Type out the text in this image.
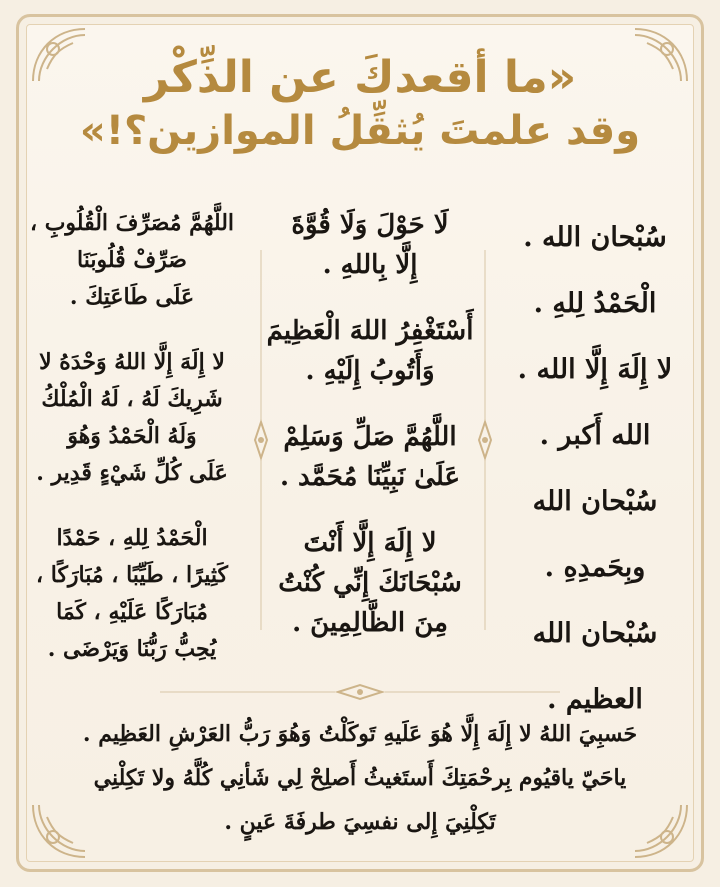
«ما أقعدكَ عن الذِّكْر
وقد علمتَ يُثقِّلُ الموازين؟!»
سُبْحان الله .
الْحَمْدُ لِلهِ .
لا إِلَهَ إِلَّا الله .
الله أَكبر .
سُبْحان الله
وبِحَمدِهِ .
سُبْحان الله
العظيم .
لَا حَوْلَ وَلَا قُوَّةَ
إِلَّا بِاللهِ .
أَسْتَغْفِرُ اللهَ الْعَظِيمَ
وَأَتُوبُ إِلَيْهِ .
اللَّهُمَّ صَلِّ وَسَلِمْ
عَلَىٰ نَبِيِّنَا مُحَمَّد .
لا إِلَهَ إِلَّا أَنْتَ
سُبْحَانَكَ إِنِّي كُنْتُ
مِنَ الظَّالِمِينَ .
اللَّهُمَّ مُصَرِّفَ الْقُلُوبِ ،
صَرِّفْ قُلُوبَنَا
عَلَى طَاعَتِكَ .
لا إِلَهَ إِلَّا اللهُ وَحْدَهُ لا
شَرِيكَ لَهُ ، لَهُ الْمُلْكُ
وَلَهُ الْحَمْدُ وَهُوَ
عَلَى كُلِّ شَيْءٍ قَدِير .
الْحَمْدُ لِلهِ ، حَمْدًا
كَثِيرًا ، طَيِّبًا ، مُبَارَكًا ،
مُبَارَكًا عَلَيْهِ ، كَمَا
يُحِبُّ رَبُّنَا وَيَرْضَى .
حَسبِيَ اللهُ لا إِلَهَ إِلَّا هُوَ عَلَيهِ تَوكَلْتُ وَهُوَ رَبُّ العَرْشِ العَظِيم .
ياحَيّ ياقيُوم بِرحْمَتِكَ أَستَغيثُ أَصلِحْ لِي شَأنِي كُلَّهُ ولا تَكِلْنِي
تَكِلْنِيَ إِلى نفسِيَ طرفَةَ عَينٍ .
